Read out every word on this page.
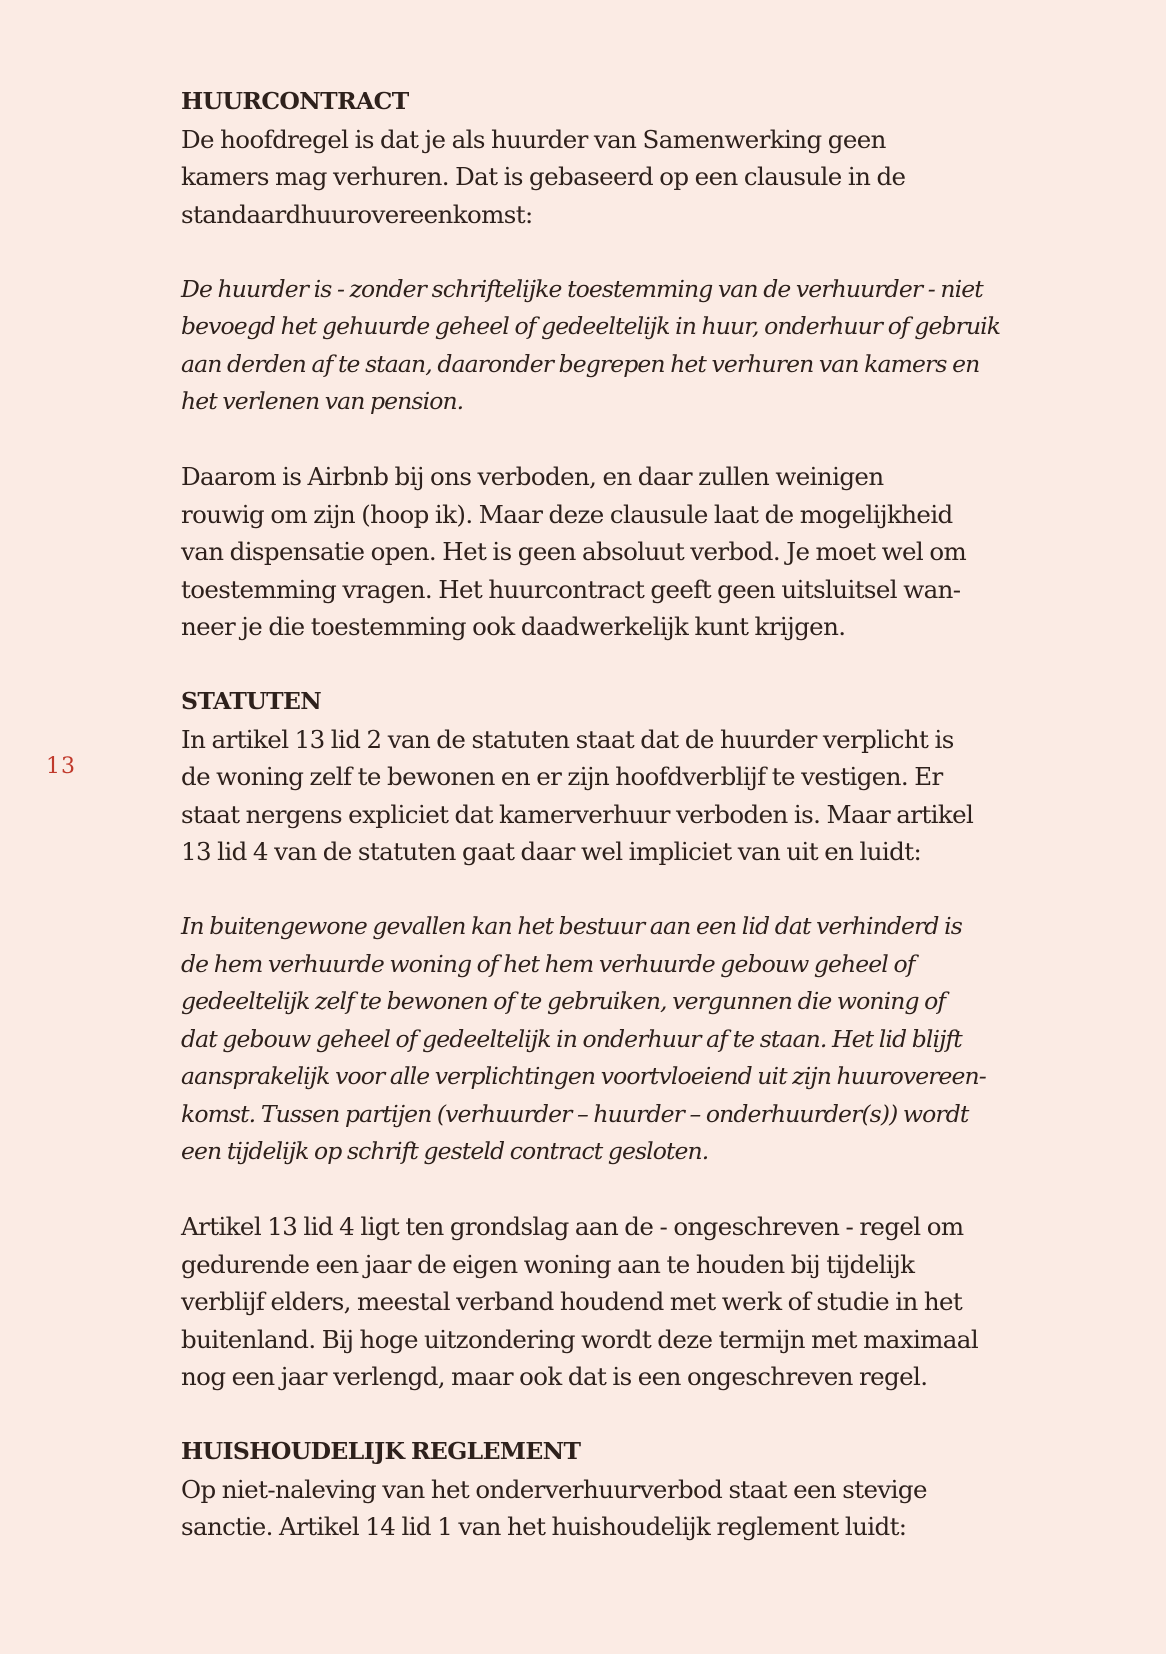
13
HUURCONTRACT

De hoofdregel is dat je als huurder van Samenwerking geen
kamers mag verhuren. Dat is gebaseerd op een clausule in de
standaardhuurovereenkomst:

De huurder is - zonder schriftelijke toestemming van de verhuurder - niet
bevoegd het gehuurde geheel of gedeeltelijk in huur, onderhuur of gebruik
aan derden af te staan, daaronder begrepen het verhuren van kamers en
het verlenen van pension.

Daarom is Airbnb bij ons verboden, en daar zullen weinigen
rouwig om zijn (hoop ik). Maar deze clausule laat de mogelijkheid
van dispensatie open. Het is geen absoluut verbod. Je moet wel om
toestemming vragen. Het huurcontract geeft geen uitsluitsel wan-
neer je die toestemming ook daadwerkelijk kunt krijgen.

STATUTEN

In artikel 13 lid 2 van de statuten staat dat de huurder verplicht is
de woning zelf te bewonen en er zijn hoofdverblijf te vestigen. Er
staat nergens expliciet dat kamerverhuur verboden is. Maar artikel
13 lid 4 van de statuten gaat daar wel impliciet van uit en luidt:

In buitengewone gevallen kan het bestuur aan een lid dat verhinderd is
de hem verhuurde woning of het hem verhuurde gebouw geheel of
gedeeltelijk zelf te bewonen of te gebruiken, vergunnen die woning of
dat gebouw geheel of gedeeltelijk in onderhuur af te staan. Het lid blijft
aansprakelijk voor alle verplichtingen voortvloeiend uit zijn huurovereen-
komst. Tussen partijen (verhuurder – huurder – onderhuurder(s)) wordt
een tijdelijk op schrift gesteld contract gesloten.

Artikel 13 lid 4 ligt ten grondslag aan de - ongeschreven - regel om
gedurende een jaar de eigen woning aan te houden bij tijdelijk
verblijf elders, meestal verband houdend met werk of studie in het
buitenland. Bij hoge uitzondering wordt deze termijn met maximaal
nog een jaar verlengd, maar ook dat is een ongeschreven regel.

HUISHOUDELIJK REGLEMENT

Op niet-naleving van het onderverhuurverbod staat een stevige
sanctie. Artikel 14 lid 1 van het huishoudelijk reglement luidt:
